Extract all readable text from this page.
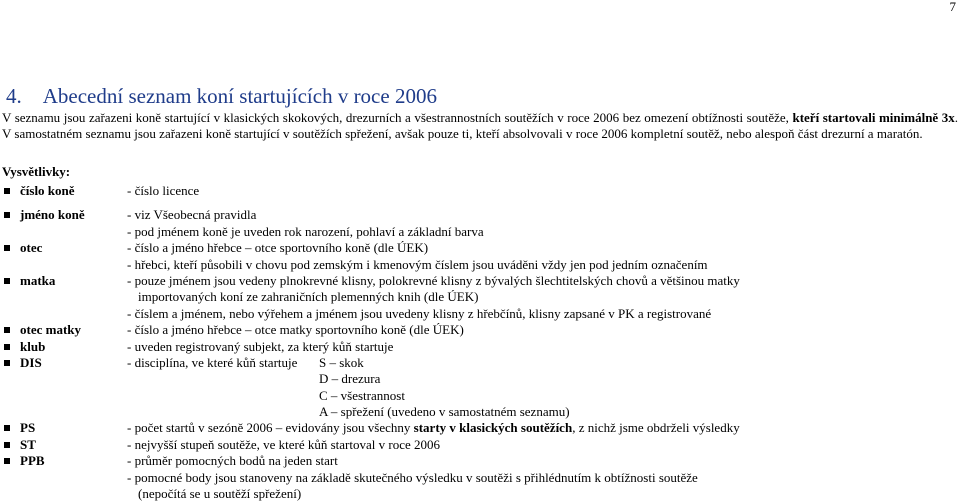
7
4. Abecední seznam koní startujících v roce 2006
V seznamu jsou zařazeni koně startující v klasických skokových, drezurních a všestrannostních soutěžích v roce 2006 bez omezení obtížnosti soutěže, kteří startovali minimálně 3x. V samostatném seznamu jsou zařazeni koně startující v soutěžích spřežení, avšak pouze ti, kteří absolvovali v roce 2006 kompletní soutěž, nebo alespoň část drezurní a maratón.
Vysvětlivky:
číslo koně	- číslo licence
jméno koně	- viz Všeobecná pravidla
- pod jménem koně je uveden rok narození, pohlaví a základní barva
otec	- číslo a jméno hřebce – otce sportovního koně (dle ÚEK)
- hřebci, kteří působili v chovu pod zemským i kmenovým číslem jsou uváděni vždy jen pod jedním označením
matka	- pouze jménem jsou vedeny plnokrevné klisny, polokrevné klisny z bývalých šlechtitelských chovů a většinou matky
importovaných koní ze zahraničních plemenných knih (dle ÚEK)
- číslem a jménem, nebo výřehem a jménem jsou uvedeny klisny z hřebčínů, klisny zapsané v PK a registrované
otec matky	- číslo a jméno hřebce – otce matky sportovního koně (dle ÚEK)
klub	- uveden registrovaný subjekt, za který kůň startuje
DIS	- disciplína, ve které kůň startuje S – skok
D – drezura
C – všestrannost
A – spřežení (uvedeno v samostatném seznamu)
PS	- počet startů v sezóně 2006 – evidovány jsou všechny starty v klasických soutěžích, z nichž jsme obdrželi výsledky
ST	- nejvyšší stupeň soutěže, ve které kůň startoval v roce 2006
PPB	- průměr pomocných bodů na jeden start
- pomocné body jsou stanoveny na základě skutečného výsledku v soutěži s přihlédnutím k obtížnosti soutěže
(nepočítá se u soutěží spřežení)
